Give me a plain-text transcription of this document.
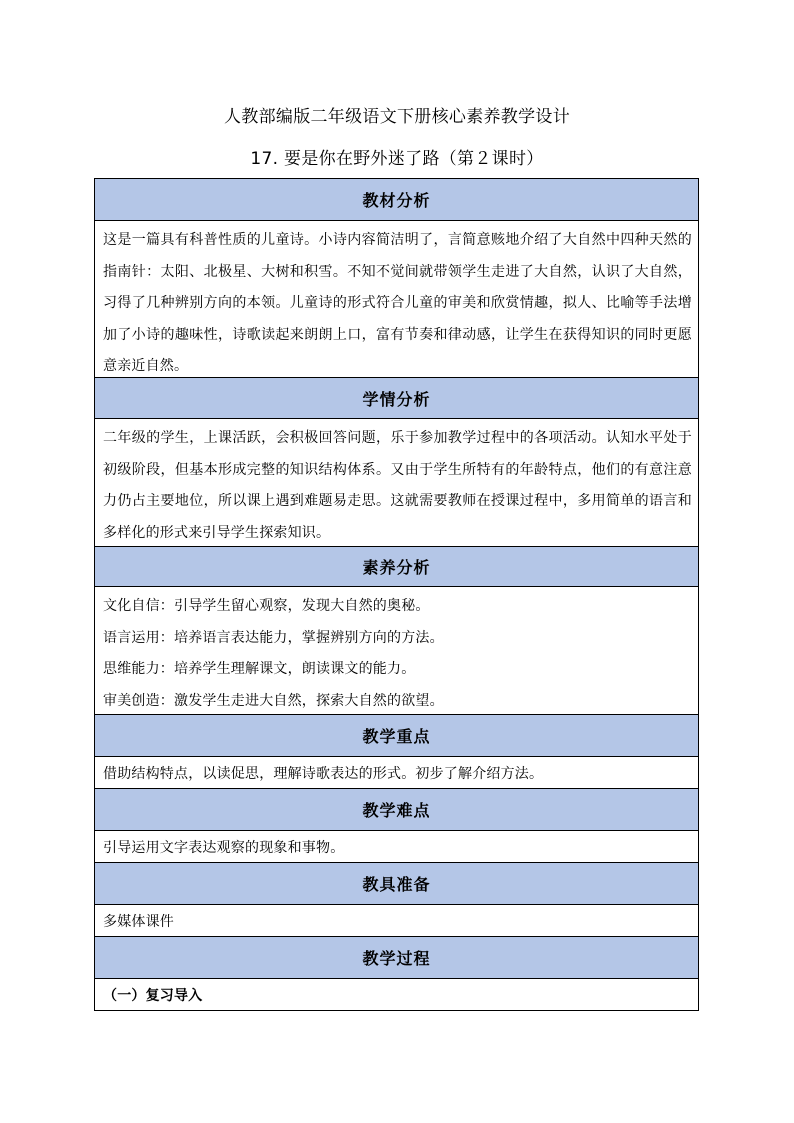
人教部编版二年级语文下册核心素养教学设计
17. 要是你在野外迷了路（第２课时）
教材分析
这是一篇具有科普性质的儿童诗。小诗内容简洁明了，言简意赅地介绍了大自然中四种天然的指南针：太阳、北极星、大树和积雪。不知不觉间就带领学生走进了大自然，认识了大自然，习得了几种辨别方向的本领。儿童诗的形式符合儿童的审美和欣赏情趣，拟人、比喻等手法增加了小诗的趣味性，诗歌读起来朗朗上口，富有节奏和律动感，让学生在获得知识的同时更愿意亲近自然。
学情分析
二年级的学生，上课活跃，会积极回答问题，乐于参加教学过程中的各项活动。认知水平处于初级阶段，但基本形成完整的知识结构体系。又由于学生所特有的年龄特点，他们的有意注意力仍占主要地位，所以课上遇到难题易走思。这就需要教师在授课过程中，多用简单的语言和多样化的形式来引导学生探索知识。
素养分析

文化自信：引导学生留心观察，发现大自然的奥秘。

语言运用：培养语言表达能力，掌握辨别方向的方法。

思维能力：培养学生理解课文，朗读课文的能力。

审美创造：激发学生走进大自然，探索大自然的欲望。

教学重点
借助结构特点，以读促思，理解诗歌表达的形式。初步了解介绍方法。
教学难点
引导运用文字表达观察的现象和事物。
教具准备
多媒体课件
教学过程
（一）复习导入
